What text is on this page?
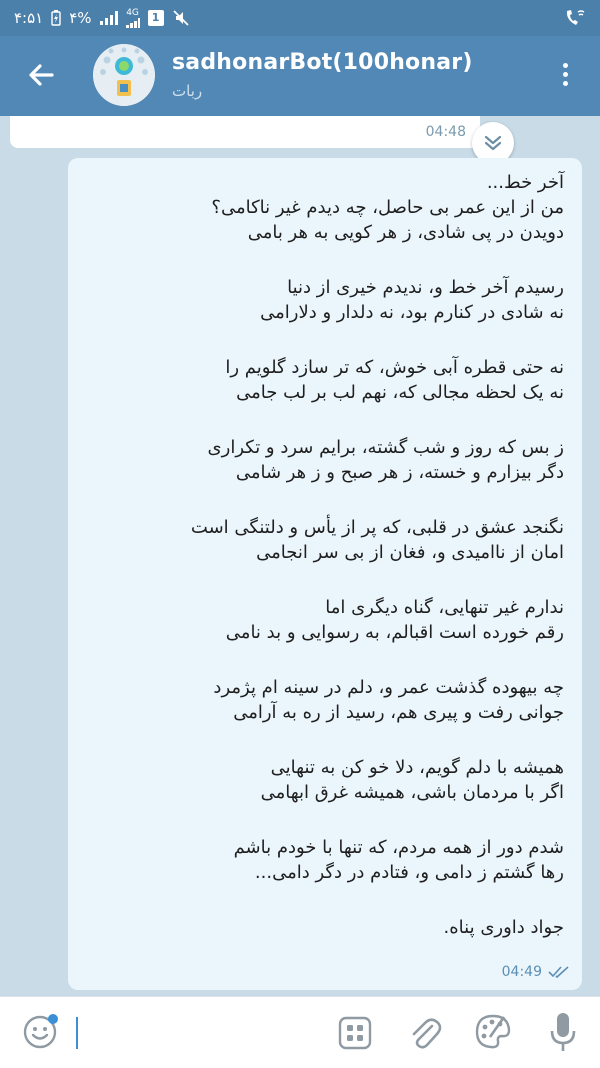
۴:۵۱ ۴%	4G	1
sadhonarBot(100honar)
ربات
04:48
آخر خط...
من از این عمر بی حاصل، چه دیدم غیر ناکامی؟
دویدن در پی شادی، ز هر کویی به هر بامی
رسیدم آخر خط و، ندیدم خیری از دنیا
نه شادی در کنارم بود، نه دلدار و دلارامی
نه حتی قطره آبی خوش، که تر سازد گلویم را
نه یک لحظه مجالی که، نهم لب بر لب جامی
ز بس که روز و شب گشته، برایم سرد و تکراری
دگر بیزارم و خسته، ز هر صبح و ز هر شامی
نگنجد عشق در قلبی، که پر از یأس و دلتنگی است
امان از ناامیدی و، فغان از بی سر انجامی
ندارم غیر تنهایی، گناه دیگری اما
رقم خورده است اقبالم، به رسوایی و بد نامی
چه بیهوده گذشت عمر و، دلم در سینه ام پژمرد
جوانی رفت و پیری هم، رسید از ره به آرامی
همیشه با دلم گویم، دلا خو کن به تنهایی
اگر با مردمان باشی، همیشه غرق ابهامی
شدم دور از همه مردم، که تنها با خودم باشم
رها گشتم ز دامی و، فتادم در دگر دامی...
جواد داوری پناه.
04:49
